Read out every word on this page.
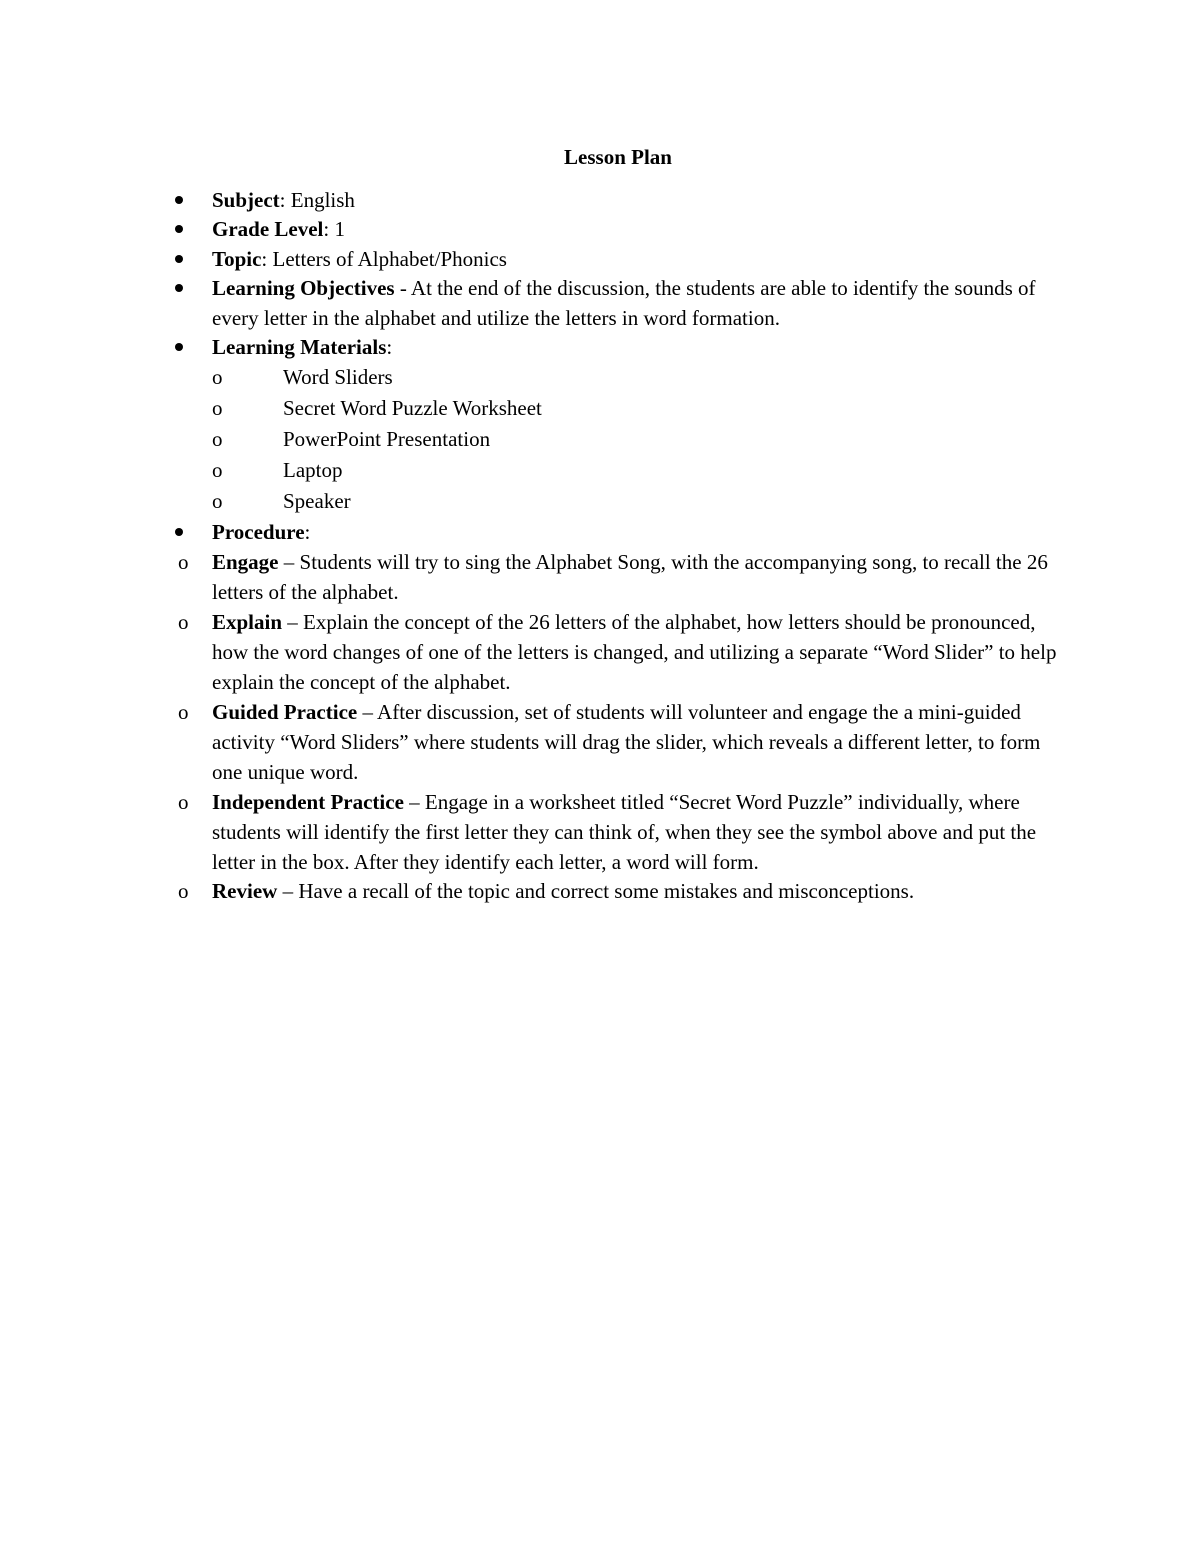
Lesson Plan
Subject: English
Grade Level: 1
Topic: Letters of Alphabet/Phonics
Learning Objectives - At the end of the discussion, the students are able to identify the sounds of every letter in the alphabet and utilize the letters in word formation.
Learning Materials:
o	Word Sliders
o	Secret Word Puzzle Worksheet
o	PowerPoint Presentation
o	Laptop
o	Speaker
Procedure:
o Engage – Students will try to sing the Alphabet Song, with the accompanying song, to recall the 26 letters of the alphabet.
o Explain – Explain the concept of the 26 letters of the alphabet, how letters should be pronounced, how the word changes of one of the letters is changed, and utilizing a separate “Word Slider” to help explain the concept of the alphabet.
o Guided Practice – After discussion, set of students will volunteer and engage the a mini-guided activity “Word Sliders” where students will drag the slider, which reveals a different letter, to form one unique word.
o Independent Practice – Engage in a worksheet titled “Secret Word Puzzle” individually, where students will identify the first letter they can think of, when they see the symbol above and put the letter in the box. After they identify each letter, a word will form.
o Review – Have a recall of the topic and correct some mistakes and misconceptions.
